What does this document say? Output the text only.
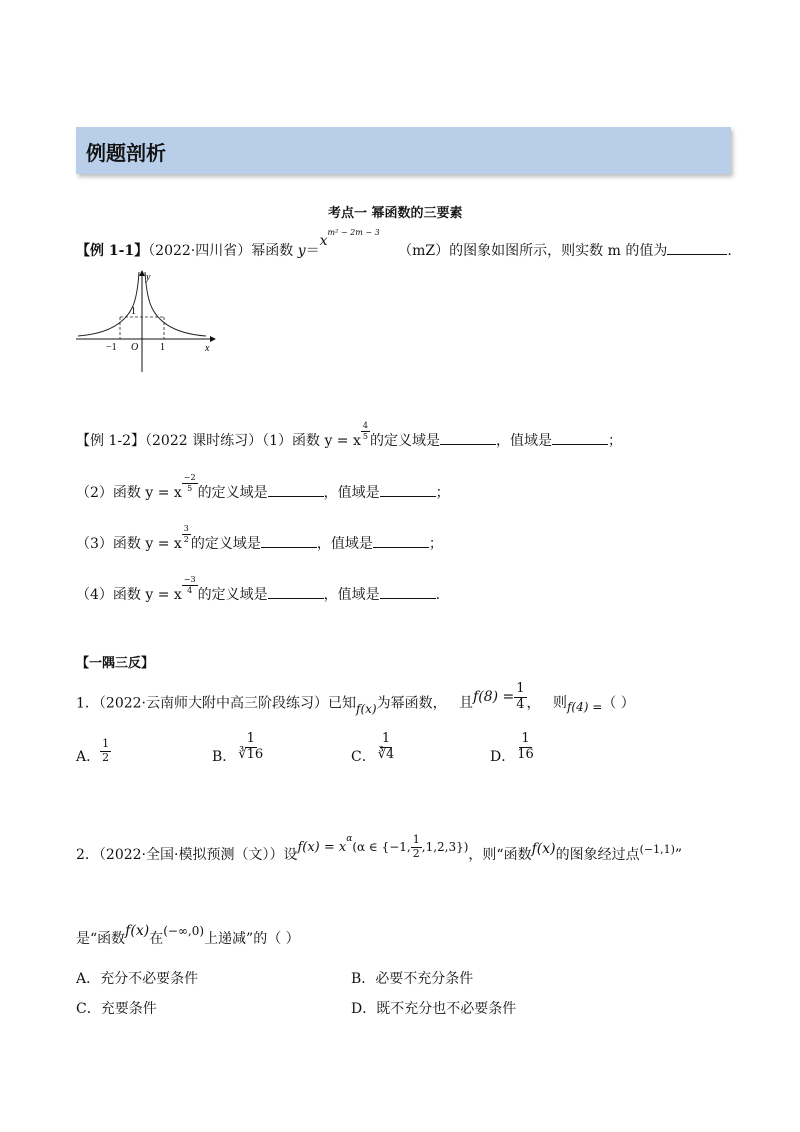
例题剖析
考点一 幂函数的三要素
【例 1-1】（2022·四川省）幂函数 $y=x^{m^2 - 2m - 3}$ （mZ）的图象如图所示，则实数 m 的值为	.
y
x
1
−1 O 1
【例 1-2】（2022 课时练习）（1）函数 y = x
$\frac{4}{5}$
的定义域是	，值域是	；
（2）函数 y = x
$\frac{-2}{5}$
的定义域是	，值域是	；
（3）函数 y = x
$\frac{3}{2}$
的定义域是	，值域是	；
（4）函数 y = x
$\frac{-3}{4}$
的定义域是	，值域是	.
【一隅三反】
1．（2022·云南师大附中高三阶段练习）已知f(x)为幂函数， 且$f(8) = \frac{1}{4}$ ， 则f(4) =（ ）
A． $\frac{1}{2}$	B． $\frac{1}{∛16}$	C． $\frac{1}{∛4}$	D． $\frac{1}{16}$
2．（2022·全国·模拟预测（文））设$f(x) = x^\alpha(\alpha$ ∈ {−1, $\frac{1}{2} ,1,2,3$})，则“函数f(x)的图象经过点$^{(-1,1)}$”
是“函数f(x)在(−∞,0)上递减”的（ ）
A．充分不必要条件	B．必要不充分条件
C．充要条件	D．既不充分也不必要条件
